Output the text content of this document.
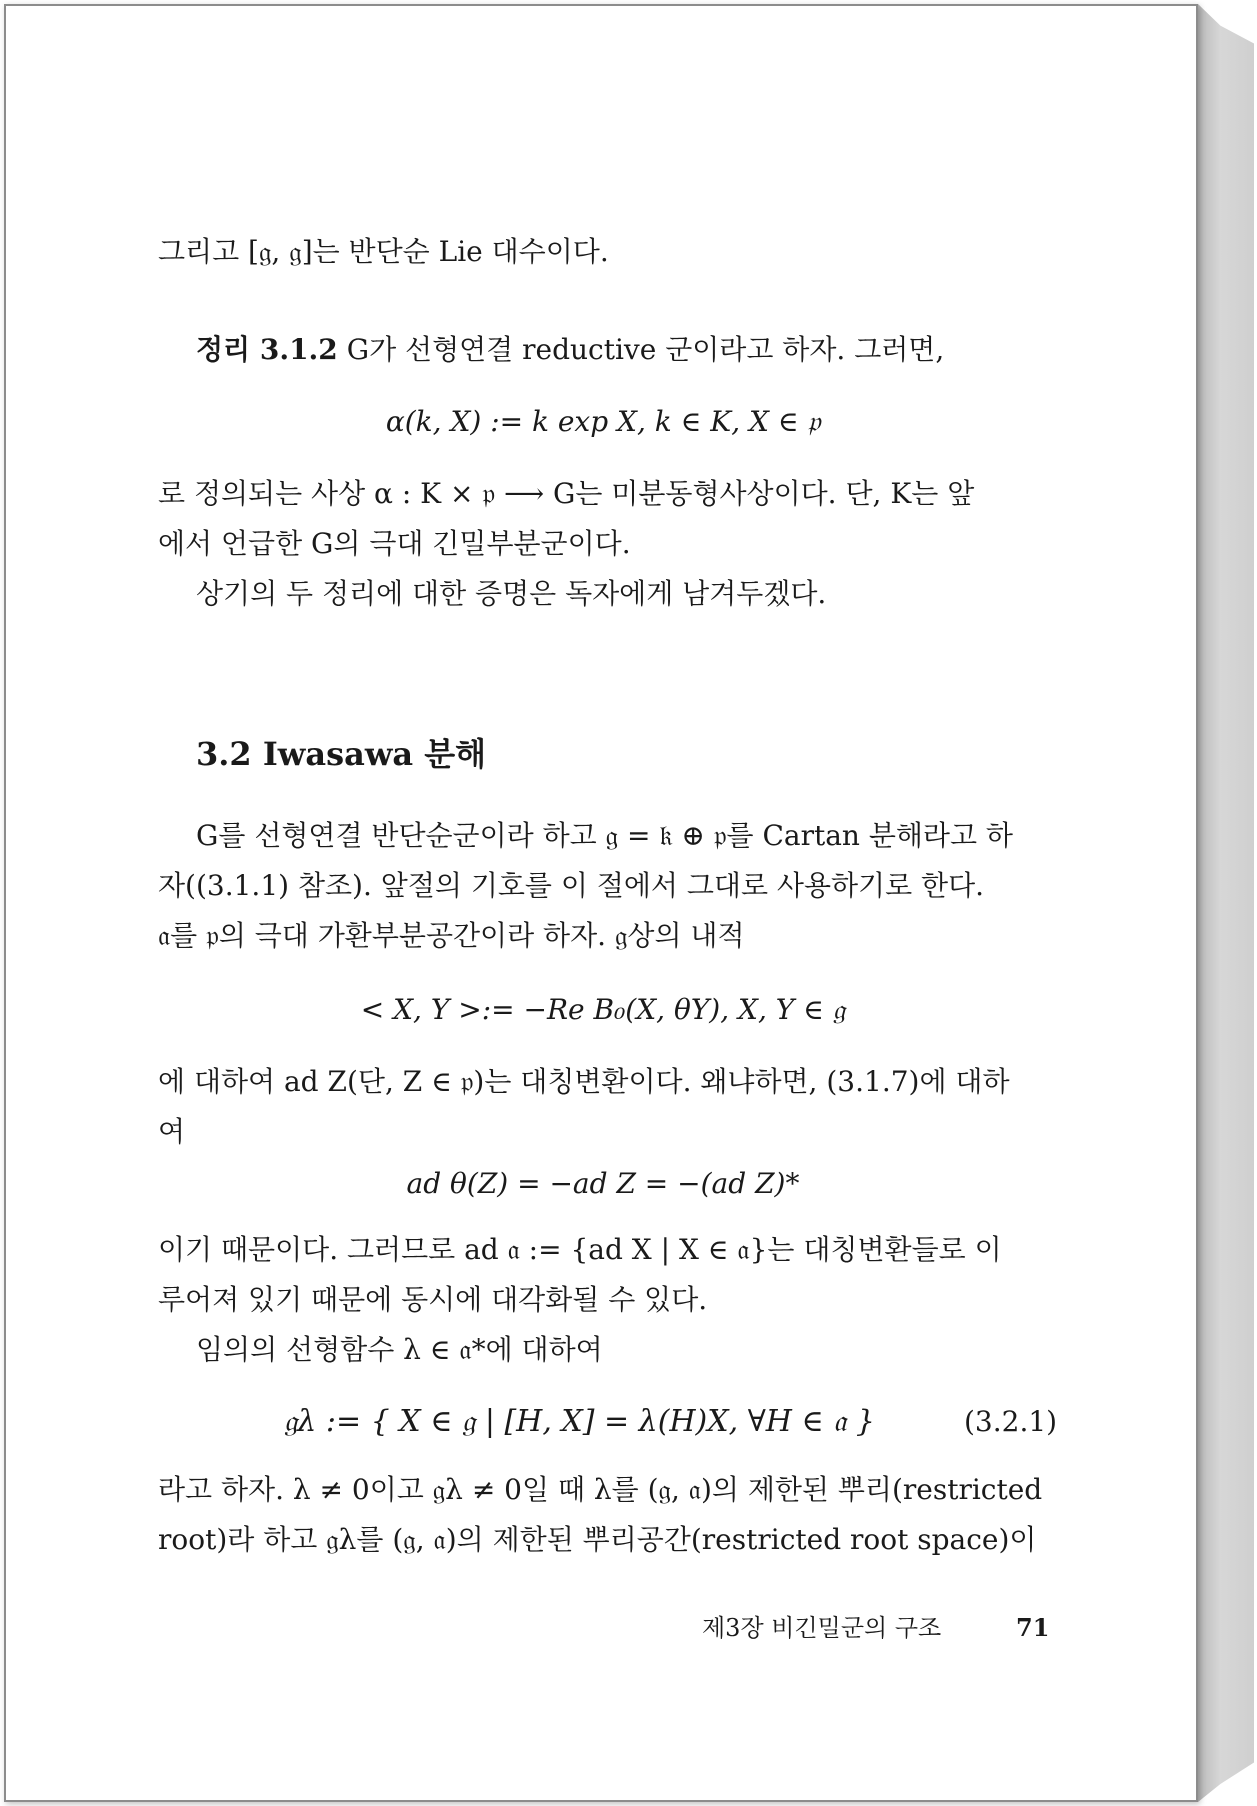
그리고 [𝔤, 𝔤]는 반단순 Lie 대수이다.
정리 3.1.2 G가 선형연결 reductive 군이라고 하자. 그러면,
α(k, X) := k exp X, k ∈ K, X ∈ 𝔭
로 정의되는 사상 α : K × 𝔭 ⟶ G는 미분동형사상이다. 단, K는 앞
에서 언급한 G의 극대 긴밀부분군이다.
상기의 두 정리에 대한 증명은 독자에게 남겨두겠다.
3.2 Iwasawa 분해
G를 선형연결 반단순군이라 하고 𝔤 = 𝔨 ⊕ 𝔭를 Cartan 분해라고 하
자((3.1.1) 참조). 앞절의 기호를 이 절에서 그대로 사용하기로 한다.
𝔞를 𝔭의 극대 가환부분공간이라 하자. 𝔤상의 내적
< X, Y >:= −Re B₀(X, θY), X, Y ∈ 𝔤
에 대하여 ad Z(단, Z ∈ 𝔭)는 대칭변환이다. 왜냐하면, (3.1.7)에 대하
여
ad θ(Z) = −ad Z = −(ad Z)*
이기 때문이다. 그러므로 ad 𝔞 := {ad X | X ∈ 𝔞}는 대칭변환들로 이
루어져 있기 때문에 동시에 대각화될 수 있다.
임의의 선형함수 λ ∈ 𝔞*에 대하여
𝔤λ := { X ∈ 𝔤 | [H, X] = λ(H)X, ∀H ∈ 𝔞 }	(3.2.1)
라고 하자. λ ≠ 0이고 𝔤λ ≠ 0일 때 λ를 (𝔤, 𝔞)의 제한된 뿌리(restricted
root)라 하고 𝔤λ를 (𝔤, 𝔞)의 제한된 뿌리공간(restricted root space)이
제3장 비긴밀군의 구조	71
